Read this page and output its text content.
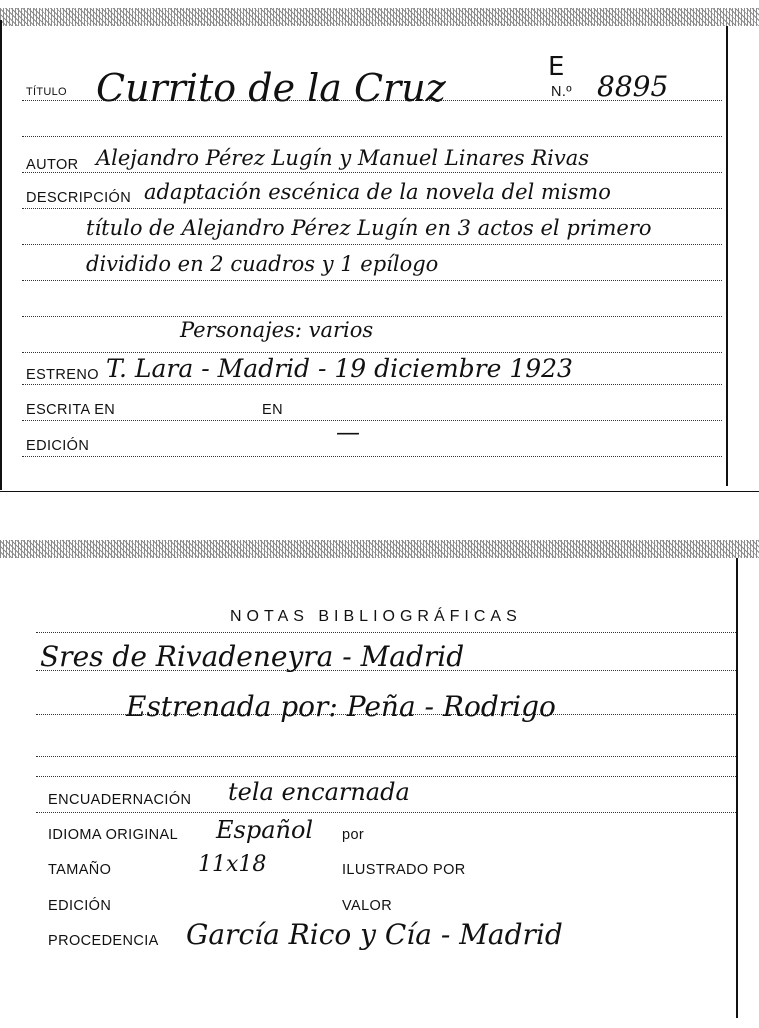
TÍTULO Currito de la Cruz	E
N.º 8895
AUTOR Alejandro Pérez Lugín y Manuel Linares Rivas
DESCRIPCIÓN adaptación escénica de la novela del mismo
título de Alejandro Pérez Lugín en 3 actos el primero
dividido en 2 cuadros y 1 epílogo
Personajes: varios
ESTRENO T. Lara - Madrid - 19 diciembre 1923
ESCRITA EN	EN
EDICIÓN	—
NOTAS BIBLIOGRÁFICAS
Sres de Rivadeneyra - Madrid
Estrenada por: Peña - Rodrigo
ENCUADERNACIÓN tela encarnada
IDIOMA ORIGINAL Español por
TAMAÑO	11x18	ILUSTRADO POR
EDICIÓN	VALOR
PROCEDENCIA García Rico y Cía - Madrid
